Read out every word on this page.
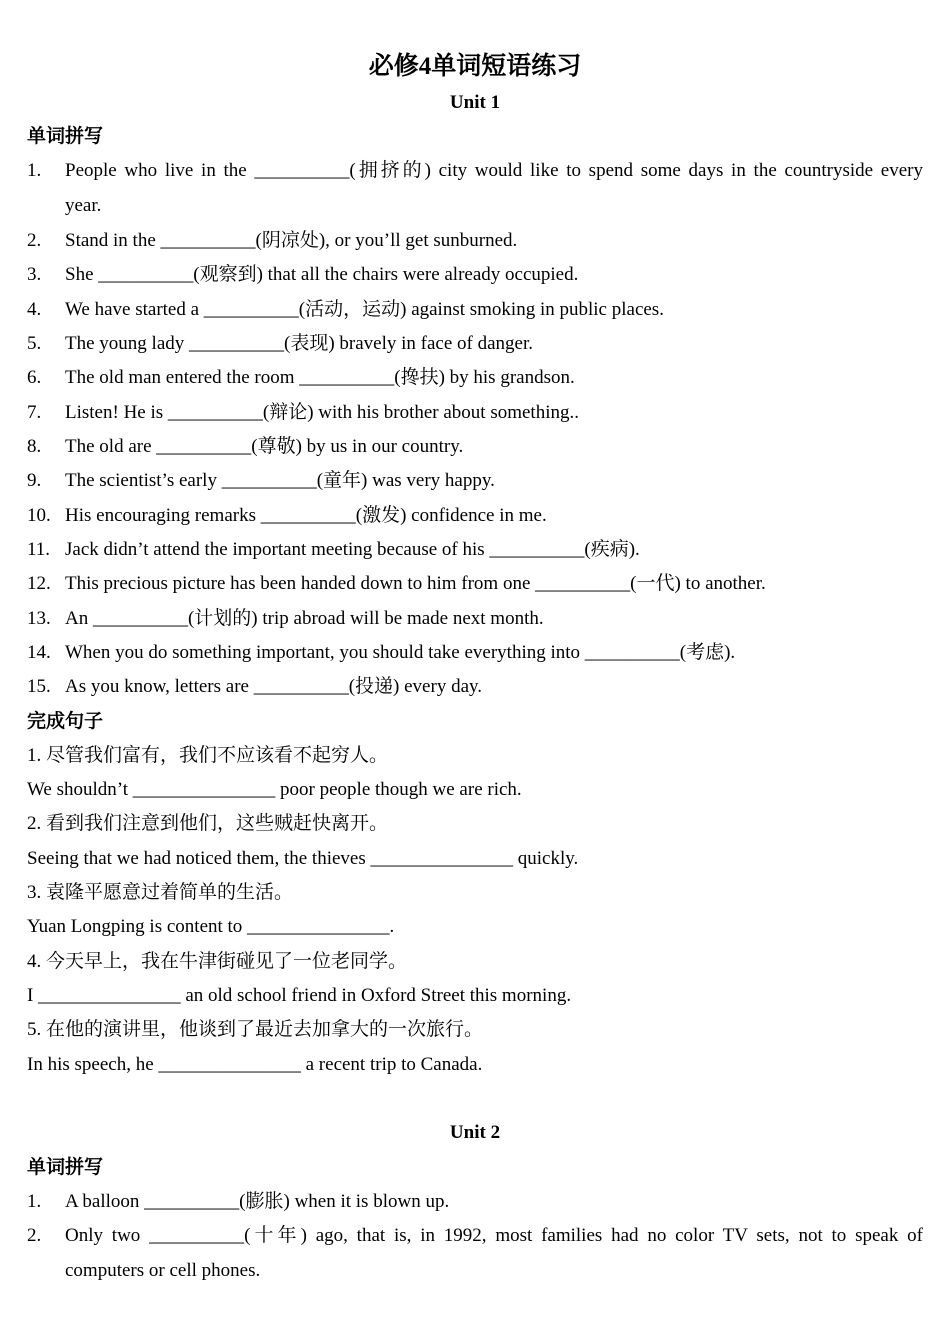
必修4单词短语练习
Unit 1
单词拼写
1. People who live in the __________(拥挤的) city would like to spend some days in the countryside every
year.
2. Stand in the __________(阴凉处), or you’ll get sunburned.
3. She __________(观察到) that all the chairs were already occupied.
4. We have started a __________(活动，运动) against smoking in public places.
5. The young lady __________(表现) bravely in face of danger.
6. The old man entered the room __________(搀扶) by his grandson.
7. Listen! He is __________(辩论) with his brother about something..
8. The old are __________(尊敬) by us in our country.
9. The scientist’s early __________(童年) was very happy.
10. His encouraging remarks __________(激发) confidence in me.
11. Jack didn’t attend the important meeting because of his __________(疾病).
12. This precious picture has been handed down to him from one __________(一代) to another.
13. An __________(计划的) trip abroad will be made next month.
14. When you do something important, you should take everything into __________(考虑).
15. As you know, letters are __________(投递) every day.
完成句子
1. 尽管我们富有，我们不应该看不起穷人。
We shouldn’t _______________ poor people though we are rich.
2. 看到我们注意到他们，这些贼赶快离开。
Seeing that we had noticed them, the thieves _______________ quickly.
3. 袁隆平愿意过着简单的生活。
Yuan Longping is content to _______________.
4. 今天早上，我在牛津街碰见了一位老同学。
I _______________ an old school friend in Oxford Street this morning.
5. 在他的演讲里，他谈到了最近去加拿大的一次旅行。
In his speech, he _______________ a recent trip to Canada.
Unit 2
单词拼写
1. A balloon __________(膨胀) when it is blown up.
2. Only two __________(十年) ago, that is, in 1992, most families had no color TV sets, not to speak of
computers or cell phones.
